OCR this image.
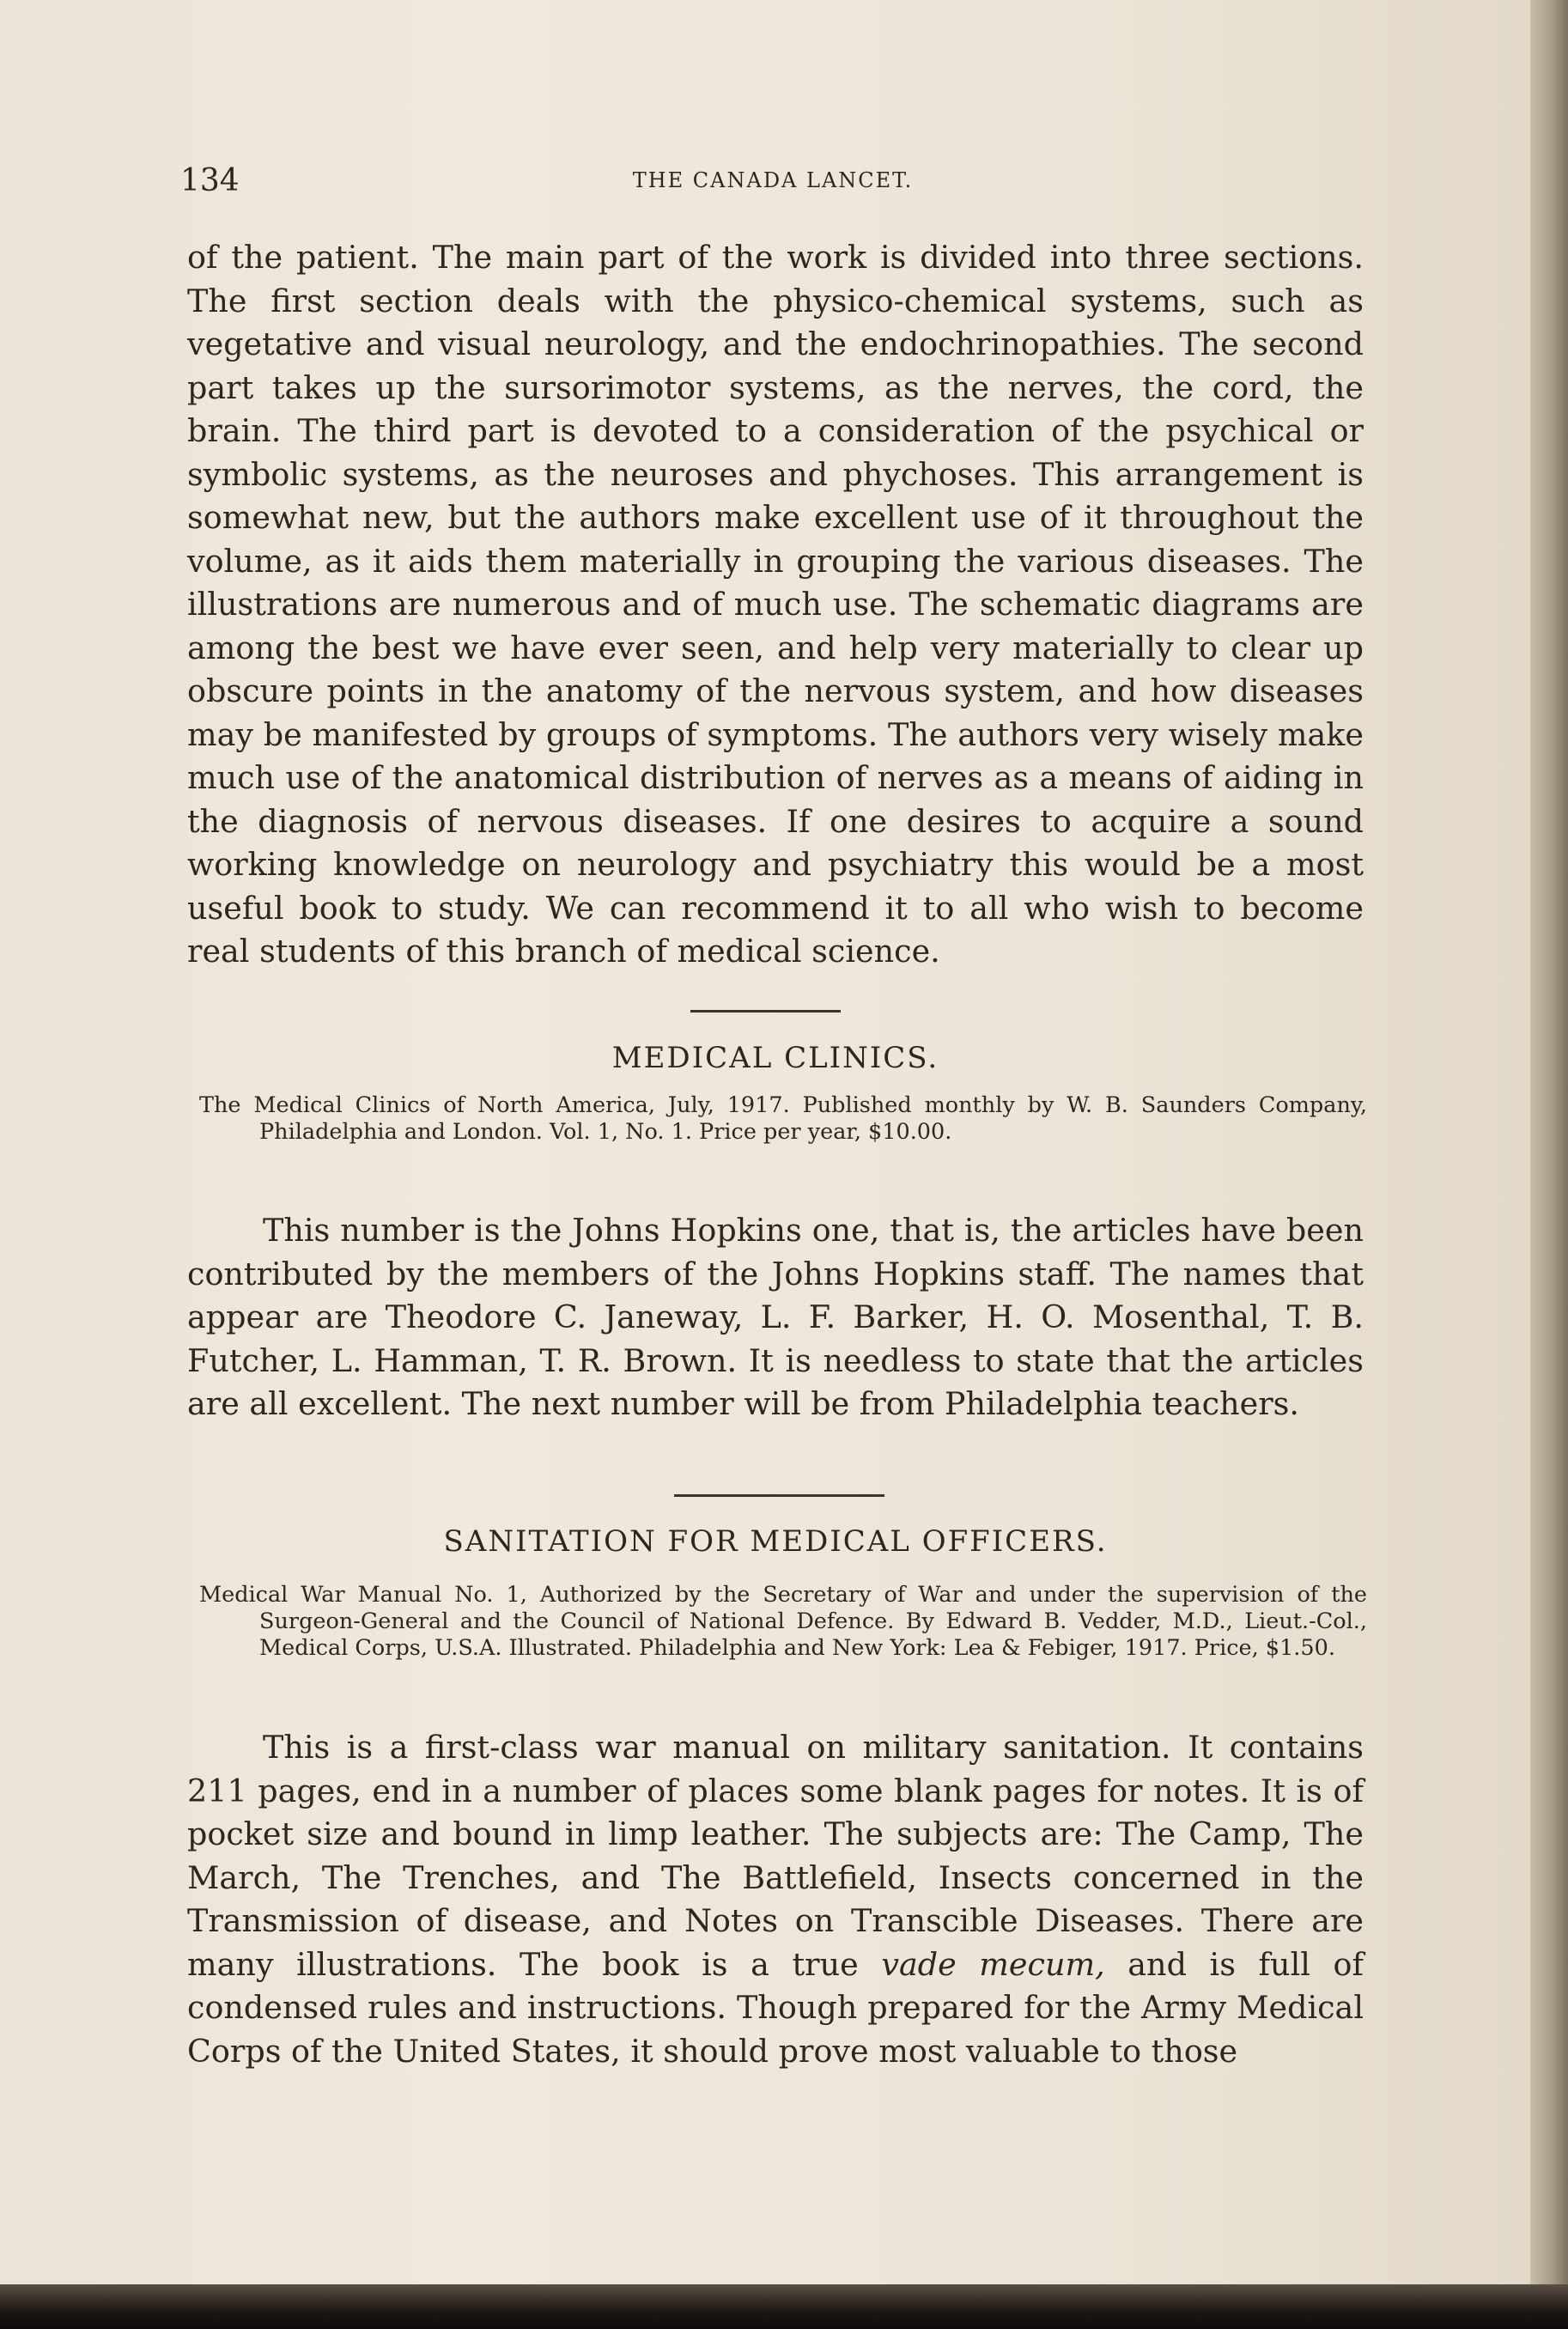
134	THE CANADA LANCET.

of the patient. The main part of the work is divided into three sections. The first section deals with the physico-chemical systems, such as vegetative and visual neurology, and the endochrinopathies. The second part takes up the sursorimotor systems, as the nerves, the cord, the brain. The third part is devoted to a consideration of the psychical or symbolic systems, as the neuroses and phychoses. This arrangement is somewhat new, but the authors make excellent use of it throughout the volume, as it aids them materially in grouping the various diseases. The illustrations are numerous and of much use. The schematic diagrams are among the best we have ever seen, and help very materially to clear up obscure points in the anatomy of the nervous system, and how diseases may be manifested by groups of symptoms. The authors very wisely make much use of the anatomical distribution of nerves as a means of aiding in the diagnosis of nervous diseases. If one desires to acquire a sound working knowledge on neurology and psychiatry this would be a most useful book to study. We can recommend it to all who wish to become real students of this branch of medical science.

MEDICAL CLINICS.
The Medical Clinics of North America, July, 1917. Published monthly by W. B. Saunders Company, Philadelphia and London. Vol. 1, No. 1. Price per year, $10.00.

This number is the Johns Hopkins one, that is, the articles have been contributed by the members of the Johns Hopkins staff. The names that appear are Theodore C. Janeway, L. F. Barker, H. O. Mosenthal, T. B. Futcher, L. Hamman, T. R. Brown. It is needless to state that the articles are all excellent. The next number will be from Philadelphia teachers.

SANITATION FOR MEDICAL OFFICERS.
Medical War Manual No. 1, Authorized by the Secretary of War and under the supervision of the Surgeon-General and the Council of National Defence. By Edward B. Vedder, M.D., Lieut.-Col., Medical Corps, U.S.A. Illustrated. Philadelphia and New York: Lea & Febiger, 1917. Price, $1.50.

This is a first-class war manual on military sanitation. It contains 211 pages, end in a number of places some blank pages for notes. It is of pocket size and bound in limp leather. The subjects are: The Camp, The March, The Trenches, and The Battlefield, Insects concerned in the Transmission of disease, and Notes on Transcible Diseases. There are many illustrations. The book is a true vade mecum, and is full of condensed rules and instructions. Though prepared for the Army Medical Corps of the United States, it should prove most valuable to those
